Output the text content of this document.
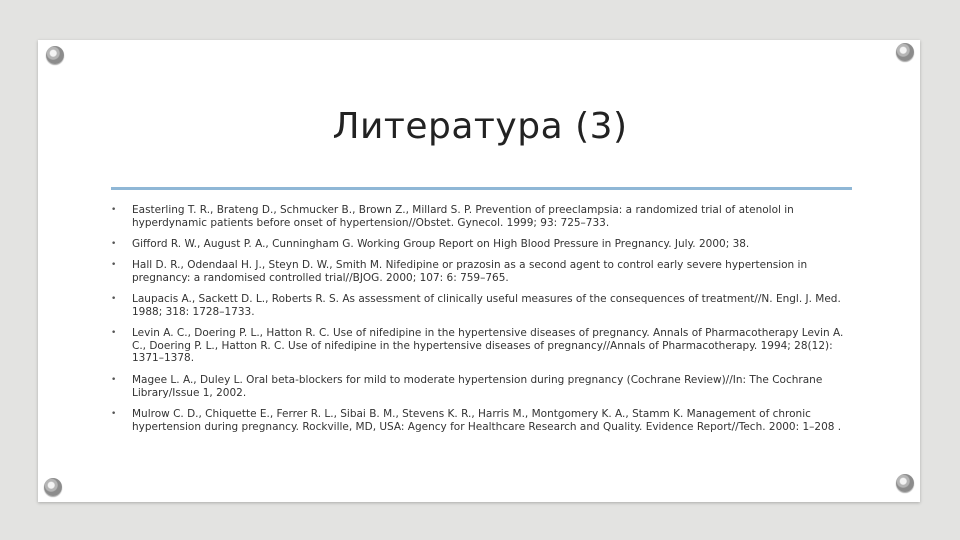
Литература (3)
• Easterling T. R., Brateng D., Schmucker B., Brown Z., Millard S. P. Prevention of preeclampsia: a randomized trial of atenolol in hyperdynamic patients before onset of hypertension//Obstet. Gynecol. 1999; 93: 725–733.
• Gifford R. W., August P. A., Cunningham G. Working Group Report on High Blood Pressure in Pregnancy. July. 2000; 38.
• Hall D. R., Odendaal H. J., Steyn D. W., Smith M. Nifedipine or prazosin as a second agent to control early severe hypertension in pregnancy: a randomised controlled trial//BJOG. 2000; 107: 6: 759–765.
• Laupacis A., Sackett D. L., Roberts R. S. As assessment of clinically useful measures of the consequences of treatment//N. Engl. J. Med. 1988; 318: 1728–1733.
• Levin A. C., Doering P. L., Hatton R. C. Use of nifedipine in the hypertensive diseases of pregnancy. Annals of Pharmacotherapy Levin A. C., Doering P. L., Hatton R. C. Use of nifedipine in the hypertensive diseases of pregnancy//Annals of Pharmacotherapy. 1994; 28(12): 1371–1378.
• Magee L. A., Duley L. Oral beta-blockers for mild to moderate hypertension during pregnancy (Cochrane Review)//In: The Cochrane Library/Issue 1, 2002.
• Mulrow C. D., Chiquette E., Ferrer R. L., Sibai B. M., Stevens K. R., Harris M., Montgomery K. A., Stamm K. Management of chronic hypertension during pregnancy. Rockville, MD, USA: Agency for Healthcare Research and Quality. Evidence Report//Tech. 2000: 1–208 .
